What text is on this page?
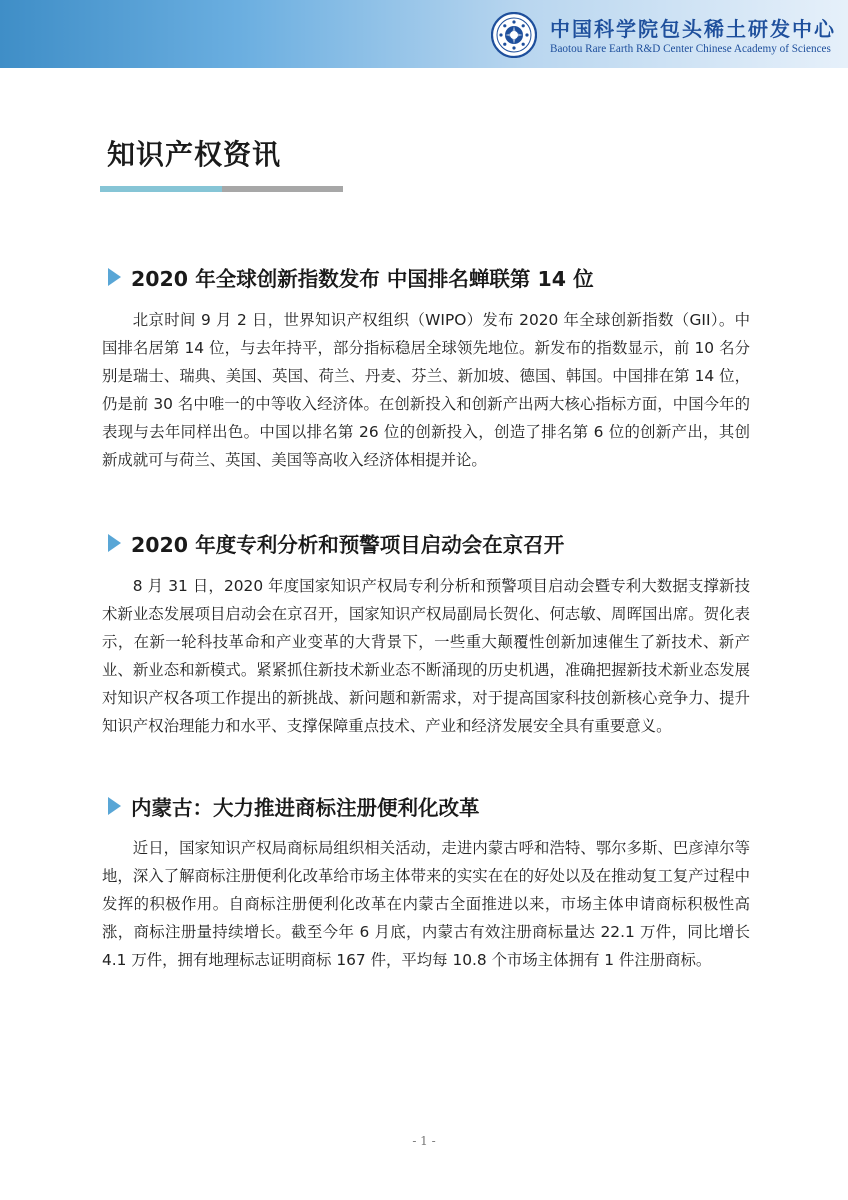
中国科学院包头稀土研发中心
Baotou Rare Earth R&D Center Chinese Academy of Sciences
知识产权资讯
2020 年全球创新指数发布 中国排名蝉联第 14 位

北京时间 9 月 2 日，世界知识产权组织（WIPO）发布 2020 年全球创新指数（GII）。中国排名居第 14 位，与去年持平，部分指标稳居全球领先地位。新发布的指数显示，前 10 名分别是瑞士、瑞典、美国、英国、荷兰、丹麦、芬兰、新加坡、德国、韩国。中国排在第 14 位，仍是前 30 名中唯一的中等收入经济体。在创新投入和创新产出两大核心指标方面，中国今年的表现与去年同样出色。中国以排名第 26 位的创新投入，创造了排名第 6 位的创新产出，其创新成就可与荷兰、英国、美国等高收入经济体相提并论。

2020 年度专利分析和预警项目启动会在京召开

8 月 31 日，2020 年度国家知识产权局专利分析和预警项目启动会暨专利大数据支撑新技术新业态发展项目启动会在京召开，国家知识产权局副局长贺化、何志敏、周晖国出席。贺化表示，在新一轮科技革命和产业变革的大背景下，一些重大颠覆性创新加速催生了新技术、新产业、新业态和新模式。紧紧抓住新技术新业态不断涌现的历史机遇，准确把握新技术新业态发展对知识产权各项工作提出的新挑战、新问题和新需求，对于提高国家科技创新核心竞争力、提升知识产权治理能力和水平、支撑保障重点技术、产业和经济发展安全具有重要意义。

内蒙古：大力推进商标注册便利化改革

近日，国家知识产权局商标局组织相关活动，走进内蒙古呼和浩特、鄂尔多斯、巴彦淖尔等地，深入了解商标注册便利化改革给市场主体带来的实实在在的好处以及在推动复工复产过程中发挥的积极作用。自商标注册便利化改革在内蒙古全面推进以来，市场主体申请商标积极性高涨，商标注册量持续增长。截至今年 6 月底，内蒙古有效注册商标量达 22.1 万件，同比增长 4.1 万件，拥有地理标志证明商标 167 件，平均每 10.8 个市场主体拥有 1 件注册商标。

- 1 -
